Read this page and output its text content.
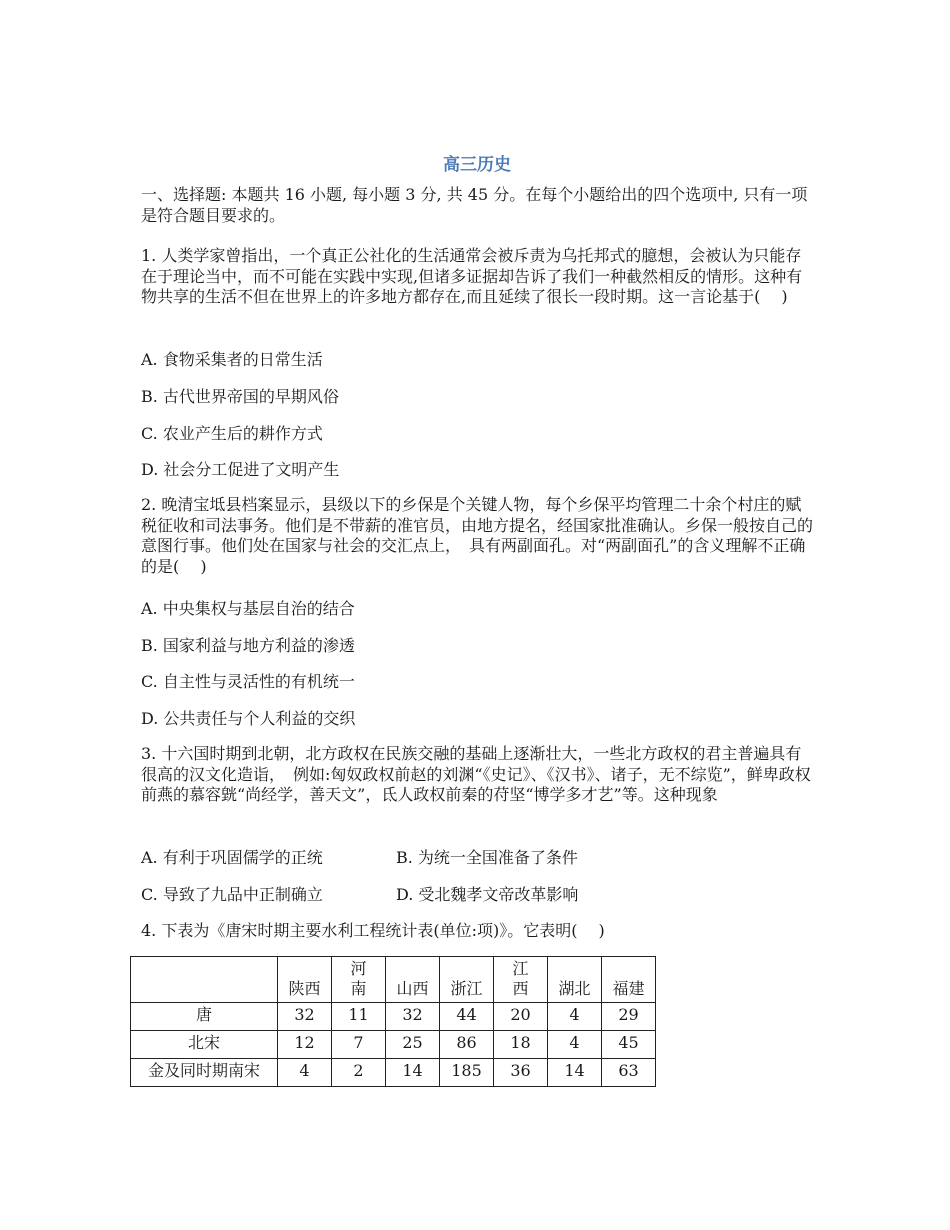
高三历史

一、选择题: 本题共 16 小题, 每小题 3 分, 共 45 分。在每个小题给出的四个选项中, 只有一项是符合题目要求的。

1. 人类学家曾指出，一个真正公社化的生活通常会被斥责为乌托邦式的臆想，会被认为只能存在于理论当中，而不可能在实践中实现,但诸多证据却告诉了我们一种截然相反的情形。这种有物共享的生活不但在世界上的许多地方都存在,而且延续了很长一段时期。这一言论基于(　 )

A. 食物采集者的日常生活
B. 古代世界帝国的早期风俗
C. 农业产生后的耕作方式
D. 社会分工促进了文明产生

2. 晚清宝坻县档案显示，县级以下的乡保是个关键人物，每个乡保平均管理二十余个村庄的赋税征收和司法事务。他们是不带薪的准官员，由地方提名，经国家批准确认。乡保一般按自己的意图行事。他们处在国家与社会的交汇点上，　具有两副面孔。对“两副面孔”的含义理解不正确的是(　 )

A. 中央集权与基层自治的结合
B. 国家利益与地方利益的渗透
C. 自主性与灵活性的有机统一
D. 公共责任与个人利益的交织

3. 十六国时期到北朝，北方政权在民族交融的基础上逐渐壮大，一些北方政权的君主普遍具有很高的汉文化造诣，　例如:匈奴政权前赵的刘渊“《史记》、《汉书》、诸子，无不综览”，鲜卑政权前燕的慕容皝“尚经学，善天文”，氐人政权前秦的苻坚“博学多才艺”等。这种现象

A. 有利于巩固儒学的正统	B. 为统一全国准备了条件
C. 导致了九品中正制确立	D. 受北魏孝文帝改革影响
4. 下表为《唐宋时期主要水利工程统计表(单位:项)》。它表明(　 )
	陕西	河南	山西	浙江	江西	湖北	福建
唐	32	11	32	44	20	4	29
北宋	12	7	25	86	18	4	45
金及同时期南宋	4	2	14	185	36	14	63
